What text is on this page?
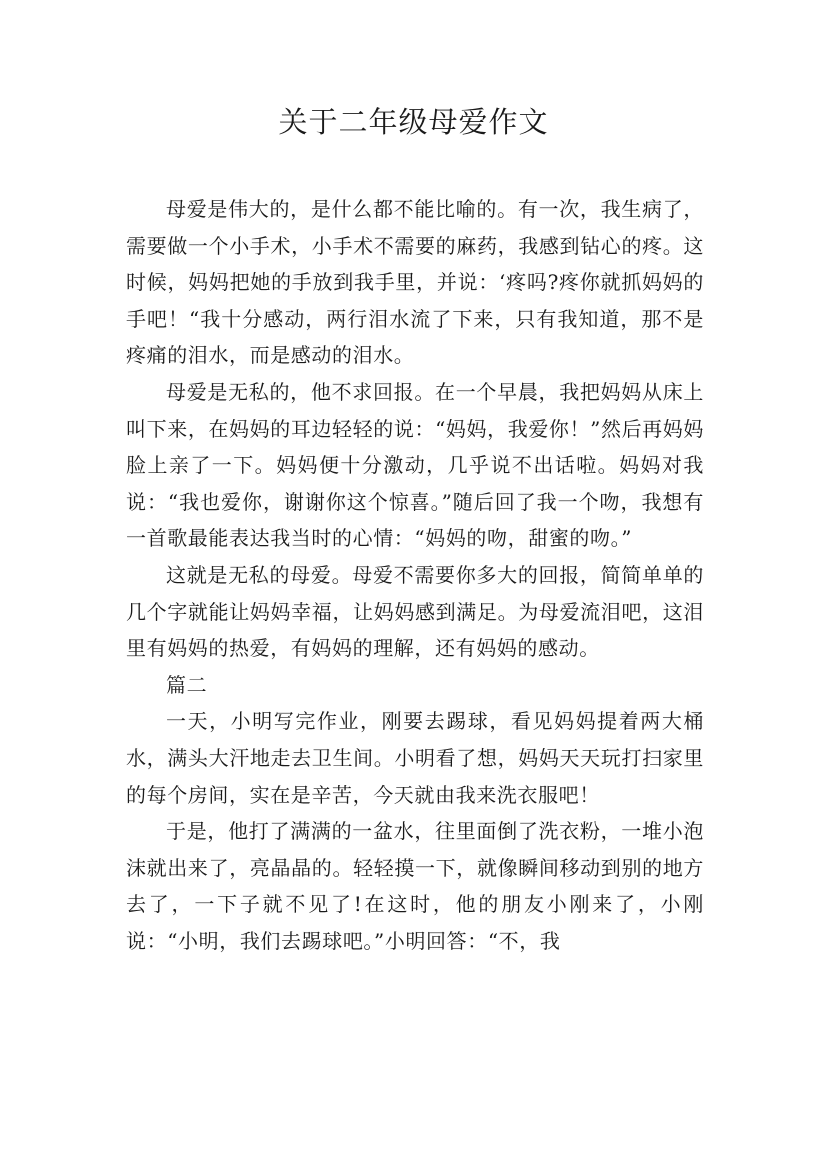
关于二年级母爱作文

母爱是伟大的，是什么都不能比喻的。有一次，我生病了，需要做一个小手术，小手术不需要的麻药，我感到钻心的疼。这时候，妈妈把她的手放到我手里，并说：‘疼吗?疼你就抓妈妈的手吧！“我十分感动，两行泪水流了下来，只有我知道，那不是疼痛的泪水，而是感动的泪水。

母爱是无私的，他不求回报。在一个早晨，我把妈妈从床上叫下来，在妈妈的耳边轻轻的说：“妈妈，我爱你！”然后再妈妈脸上亲了一下。妈妈便十分激动，几乎说不出话啦。妈妈对我说：“我也爱你，谢谢你这个惊喜。”随后回了我一个吻，我想有一首歌最能表达我当时的心情：“妈妈的吻，甜蜜的吻。”

这就是无私的母爱。母爱不需要你多大的回报，简简单单的几个字就能让妈妈幸福，让妈妈感到满足。为母爱流泪吧，这泪里有妈妈的热爱，有妈妈的理解，还有妈妈的感动。

篇二

一天，小明写完作业，刚要去踢球，看见妈妈提着两大桶水，满头大汗地走去卫生间。小明看了想，妈妈天天玩打扫家里的每个房间，实在是辛苦，今天就由我来洗衣服吧！

于是，他打了满满的一盆水，往里面倒了洗衣粉，一堆小泡沫就出来了，亮晶晶的。轻轻摸一下，就像瞬间移动到别的地方去了，一下子就不见了!在这时，他的朋友小刚来了，小刚说：“小明，我们去踢球吧。”小明回答：“不，我
